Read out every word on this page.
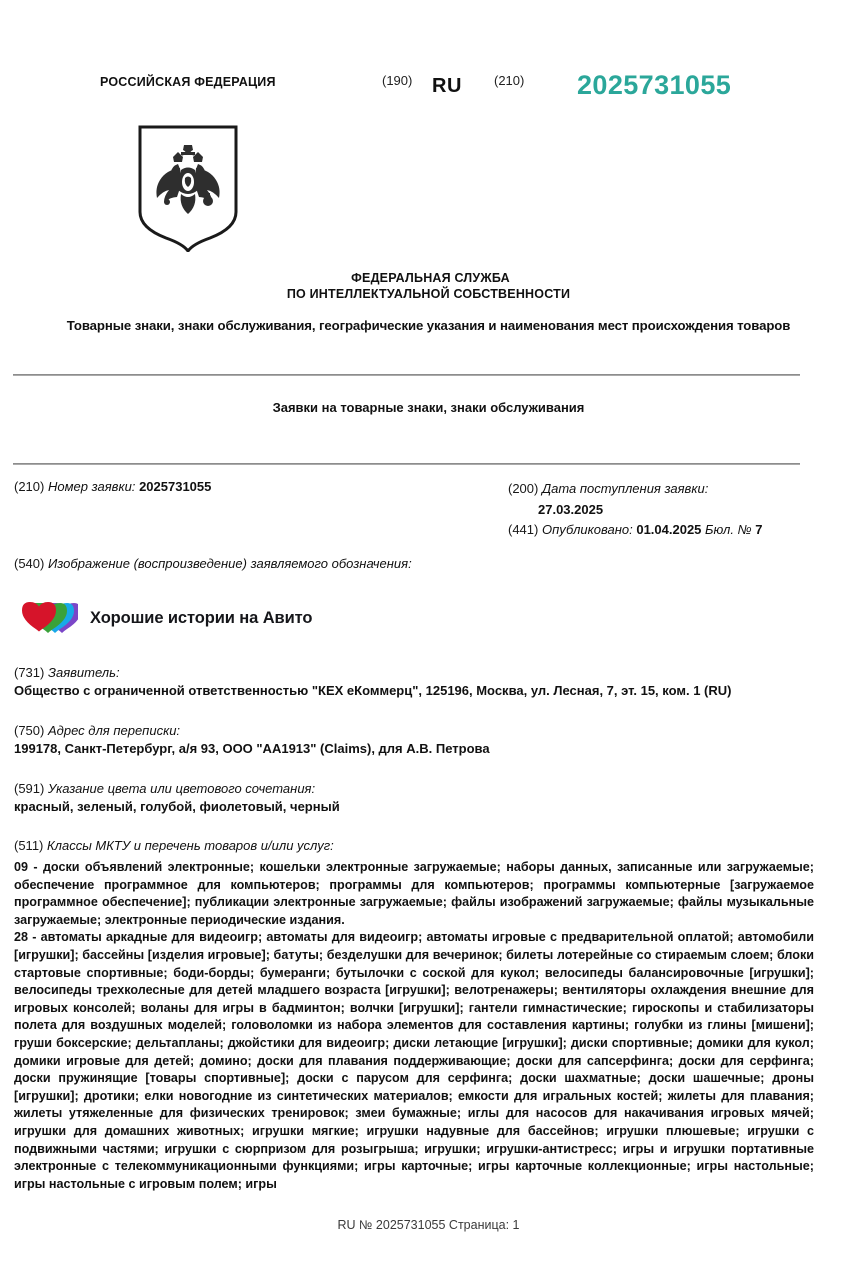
РОССИЙСКАЯ ФЕДЕРАЦИЯ	(190) RU (210) 2025731055
ФЕДЕРАЛЬНАЯ СЛУЖБА
ПО ИНТЕЛЛЕКТУАЛЬНОЙ СОБСТВЕННОСТИ
Товарные знаки, знаки обслуживания, географические указания и наименования мест происхождения товаров
Заявки на товарные знаки, знаки обслуживания
(210) Номер заявки: 2025731055	(200) Дата поступления заявки:
27.03.2025
(441) Опубликовано: 01.04.2025 Бюл. № 7
(540) Изображение (воспроизведение) заявляемого обозначения:
Хорошие истории на Авито
(731) Заявитель:
Общество с ограниченной ответственностью "КЕХ еКоммерц", 125196, Москва, ул. Лесная, 7, эт. 15, ком. 1 (RU)
(750) Адрес для переписки:
199178, Санкт-Петербург, а/я 93, ООО "АА1913" (Claims), для А.В. Петрова
(591) Указание цвета или цветового сочетания:
красный, зеленый, голубой, фиолетовый, черный
(511) Классы МКТУ и перечень товаров и/или услуг:

09 - доски объявлений электронные; кошельки электронные загружаемые; наборы данных, записанные или загружаемые; обеспечение программное для компьютеров; программы для компьютеров; программы компьютерные [загружаемое программное обеспечение]; публикации электронные загружаемые; файлы изображений загружаемые; файлы музыкальные загружаемые; электронные периодические издания.

28 - автоматы аркадные для видеоигр; автоматы для видеоигр; автоматы игровые с предварительной оплатой; автомобили [игрушки]; бассейны [изделия игровые]; батуты; безделушки для вечеринок; билеты лотерейные со стираемым слоем; блоки стартовые спортивные; боди-борды; бумеранги; бутылочки с соской для кукол; велосипеды балансировочные [игрушки]; велосипеды трехколесные для детей младшего возраста [игрушки]; велотренажеры; вентиляторы охлаждения внешние для игровых консолей; воланы для игры в бадминтон; волчки [игрушки]; гантели гимнастические; гироскопы и стабилизаторы полета для воздушных моделей; головоломки из набора элементов для составления картины; голубки из глины [мишени]; груши боксерские; дельтапланы; джойстики для видеоигр; диски летающие [игрушки]; диски спортивные; домики для кукол; домики игровые для детей; домино; доски для плавания поддерживающие; доски для сапсерфинга; доски для серфинга; доски пружинящие [товары спортивные]; доски с парусом для серфинга; доски шахматные; доски шашечные; дроны [игрушки]; дротики; елки новогодние из синтетических материалов; емкости для игральных костей; жилеты для плавания; жилеты утяжеленные для физических тренировок; змеи бумажные; иглы для насосов для накачивания игровых мячей; игрушки для домашних животных; игрушки мягкие; игрушки надувные для бассейнов; игрушки плюшевые; игрушки с подвижными частями; игрушки с сюрпризом для розыгрыша; игрушки; игрушки-антистресс; игры и игрушки портативные электронные с телекоммуникационными функциями; игры карточные; игры карточные коллекционные; игры настольные; игры настольные с игровым полем; игры

RU № 2025731055 Страница: 1
